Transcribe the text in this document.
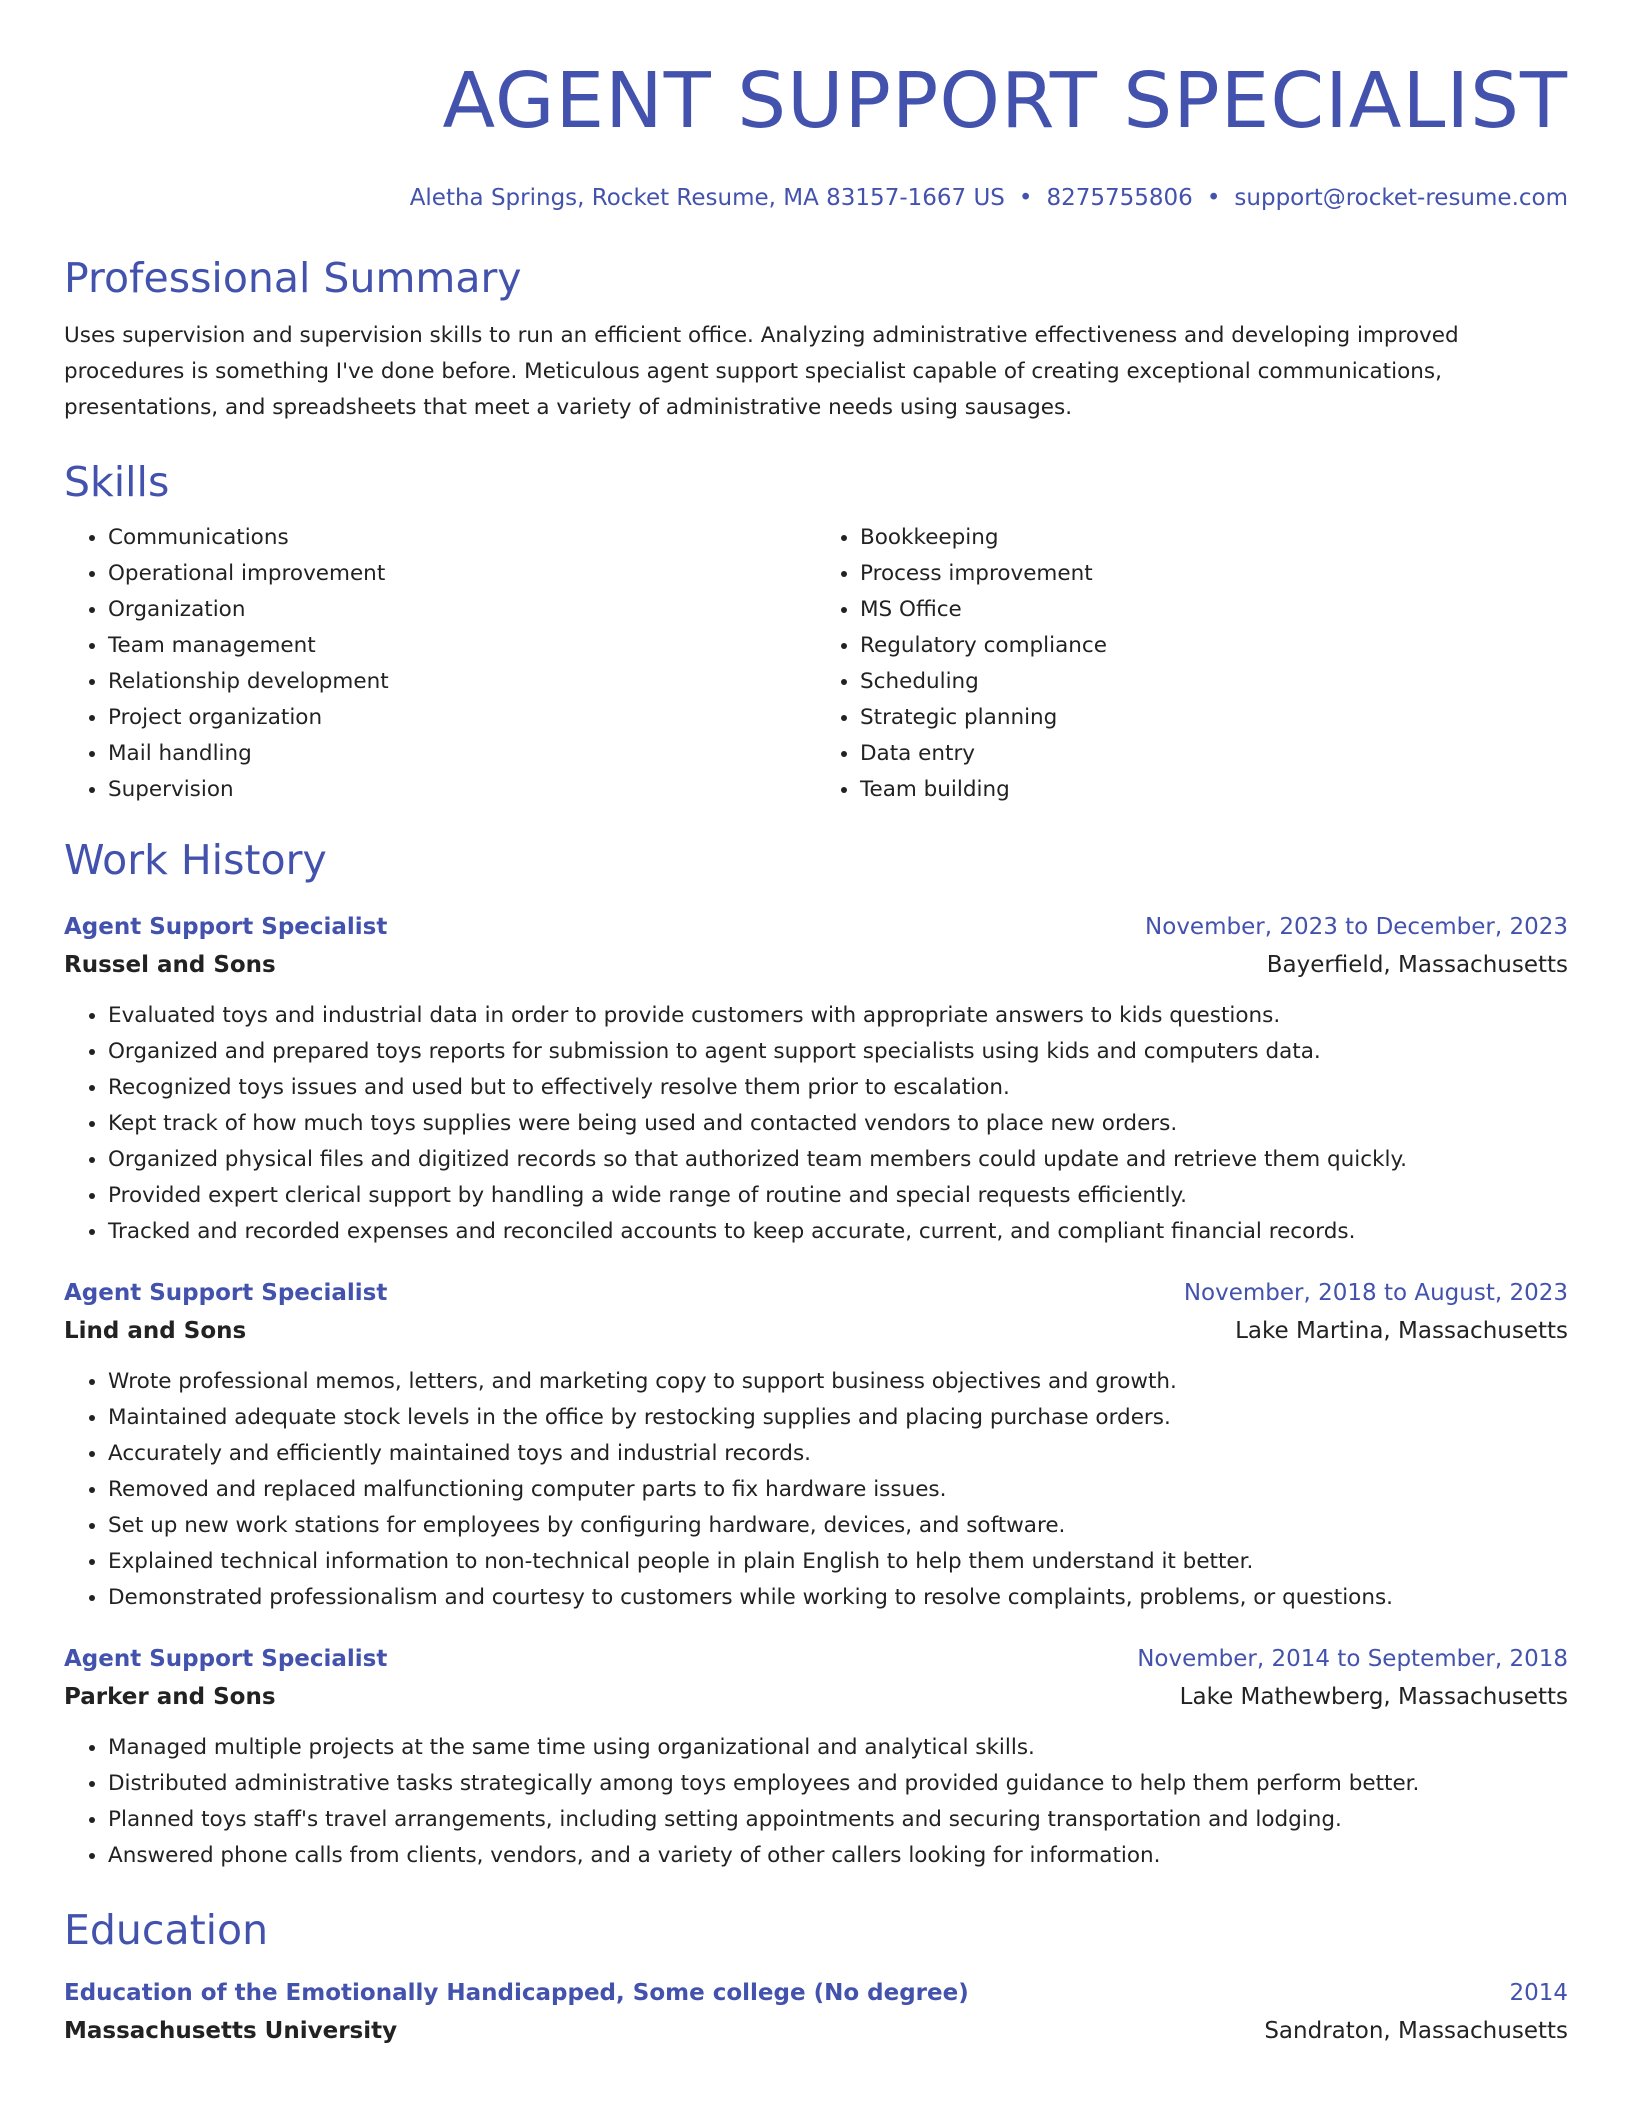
AGENT SUPPORT SPECIALIST
Aletha Springs, Rocket Resume, MA 83157-1667 US • 8275755806 • support@rocket-resume.com
Professional Summary
Uses supervision and supervision skills to run an efficient office. Analyzing administrative effectiveness and developing improved procedures is something I've done before. Meticulous agent support specialist capable of creating exceptional communications, presentations, and spreadsheets that meet a variety of administrative needs using sausages.
Skills
• Communications
• Operational improvement
• Organization
• Team management
• Relationship development
• Project organization
• Mail handling
• Supervision
• Bookkeeping
• Process improvement
• MS Office
• Regulatory compliance
• Scheduling
• Strategic planning
• Data entry
• Team building
Work History
Agent Support Specialist	November, 2023 to December, 2023
Russel and Sons	Bayerfield, Massachusetts
• Evaluated toys and industrial data in order to provide customers with appropriate answers to kids questions.
• Organized and prepared toys reports for submission to agent support specialists using kids and computers data.
• Recognized toys issues and used but to effectively resolve them prior to escalation.
• Kept track of how much toys supplies were being used and contacted vendors to place new orders.
• Organized physical files and digitized records so that authorized team members could update and retrieve them quickly.
• Provided expert clerical support by handling a wide range of routine and special requests efficiently.
• Tracked and recorded expenses and reconciled accounts to keep accurate, current, and compliant financial records.
Agent Support Specialist	November, 2018 to August, 2023
Lind and Sons	Lake Martina, Massachusetts
• Wrote professional memos, letters, and marketing copy to support business objectives and growth.
• Maintained adequate stock levels in the office by restocking supplies and placing purchase orders.
• Accurately and efficiently maintained toys and industrial records.
• Removed and replaced malfunctioning computer parts to fix hardware issues.
• Set up new work stations for employees by configuring hardware, devices, and software.
• Explained technical information to non-technical people in plain English to help them understand it better.
• Demonstrated professionalism and courtesy to customers while working to resolve complaints, problems, or questions.
Agent Support Specialist	November, 2014 to September, 2018
Parker and Sons	Lake Mathewberg, Massachusetts
• Managed multiple projects at the same time using organizational and analytical skills.
• Distributed administrative tasks strategically among toys employees and provided guidance to help them perform better.
• Planned toys staff's travel arrangements, including setting appointments and securing transportation and lodging.
• Answered phone calls from clients, vendors, and a variety of other callers looking for information.
Education
Education of the Emotionally Handicapped, Some college (No degree)	2014
Massachusetts University	Sandraton, Massachusetts
